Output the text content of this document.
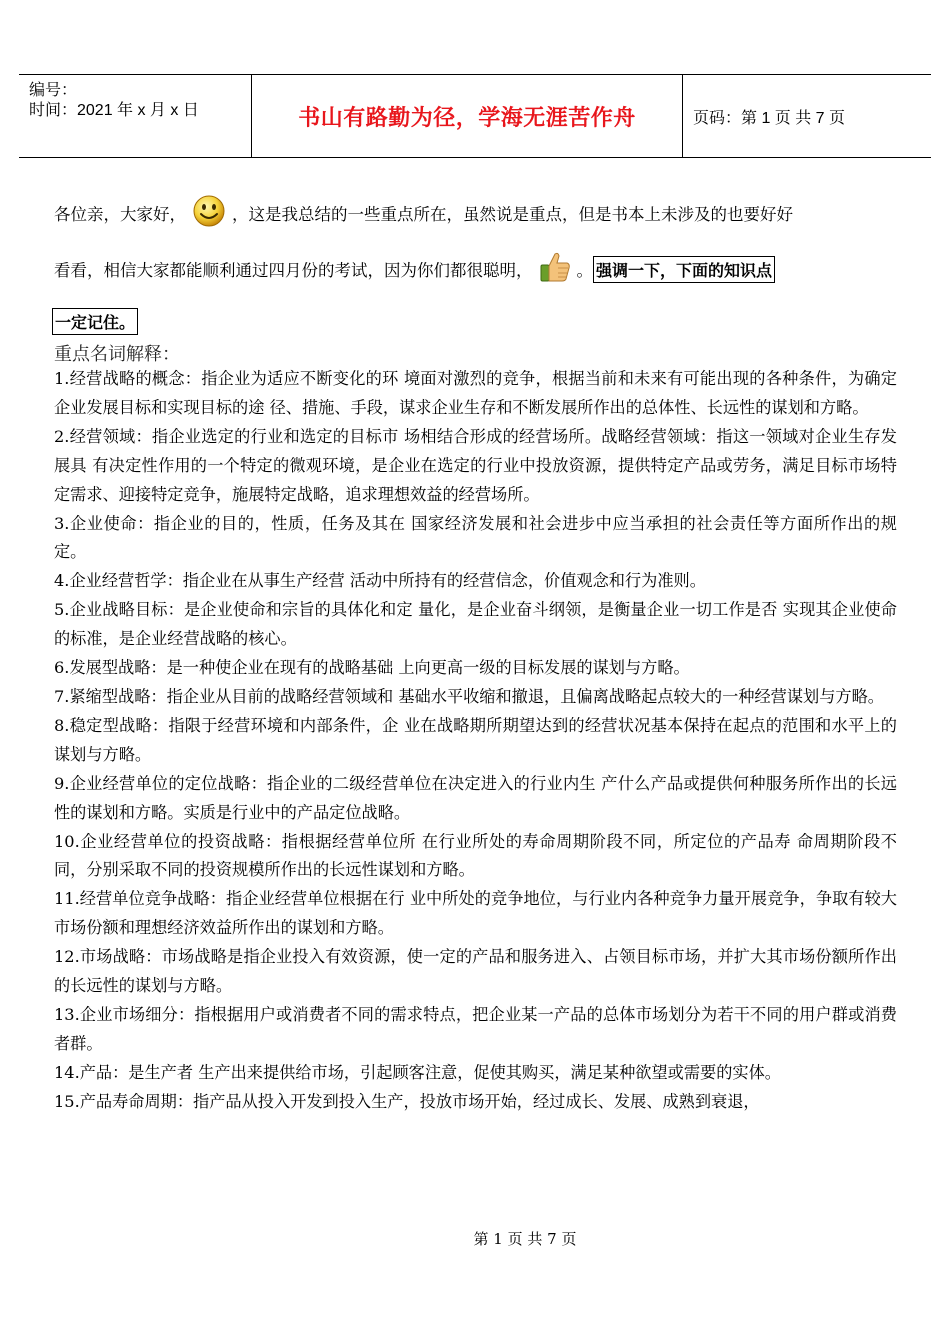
编号：
时间：2021 年 x 月 x 日	书山有路勤为径，学海无涯苦作舟	页码：第 1 页 共 7 页
各位亲，大家好，	，这是我总结的一些重点所在，虽然说是重点，但是书本上未涉及的也要好好
看看，相信大家都能顺利通过四月份的考试，因为你们都很聪明，	。 强调一下，下面的知识点
一定记住。
重点名词解释：

1.经营战略的概念：指企业为适应不断变化的环 境面对激烈的竞争，根据当前和未来有可能出现的各种条件，为确定企业发展目标和实现目标的途 径、措施、手段，谋求企业生存和不断发展所作出的总体性、长远性的谋划和方略。

2.经营领域：指企业选定的行业和选定的目标市 场相结合形成的经营场所。战略经营领域：指这一领域对企业生存发展具 有决定性作用的一个特定的微观环境，是企业在选定的行业中投放资源，提供特定产品或劳务，满足目标市场特定需求、迎接特定竞争，施展特定战略，追求理想效益的经营场所。

3.企业使命：指企业的目的，性质，任务及其在 国家经济发展和社会进步中应当承担的社会责任等方面所作出的规定。

4.企业经营哲学：指企业在从事生产经营 活动中所持有的经营信念，价值观念和行为准则。

5.企业战略目标：是企业使命和宗旨的具体化和定 量化，是企业奋斗纲领，是衡量企业一切工作是否 实现其企业使命的标准，是企业经营战略的核心。

6.发展型战略：是一种使企业在现有的战略基础 上向更高一级的目标发展的谋划与方略。

7.紧缩型战略：指企业从目前的战略经营领域和 基础水平收缩和撤退，且偏离战略起点较大的一种经营谋划与方略。

8.稳定型战略：指限于经营环境和内部条件，企 业在战略期所期望达到的经营状况基本保持在起点的范围和水平上的谋划与方略。

9.企业经营单位的定位战略：指企业的二级经营单位在决定进入的行业内生 产什么产品或提供何种服务所作出的长远性的谋划和方略。实质是行业中的产品定位战略。

10.企业经营单位的投资战略：指根据经营单位所 在行业所处的寿命周期阶段不同，所定位的产品寿 命周期阶段不同，分别采取不同的投资规模所作出的长远性谋划和方略。

11.经营单位竞争战略：指企业经营单位根据在行 业中所处的竞争地位，与行业内各种竞争力量开展竞争，争取有较大市场份额和理想经济效益所作出的谋划和方略。

12.市场战略：市场战略是指企业投入有效资源，使一定的产品和服务进入、占领目标市场，并扩大其市场份额所作出的长远性的谋划与方略。

13.企业市场细分：指根据用户或消费者不同的需求特点，把企业某一产品的总体市场划分为若干不同的用户群或消费者群。

14.产品：是生产者 生产出来提供给市场，引起顾客注意，促使其购买，满足某种欲望或需要的实体。

15.产品寿命周期：指产品从投入开发到投入生产，投放市场开始，经过成长、发展、成熟到衰退，

第 1 页 共 7 页
